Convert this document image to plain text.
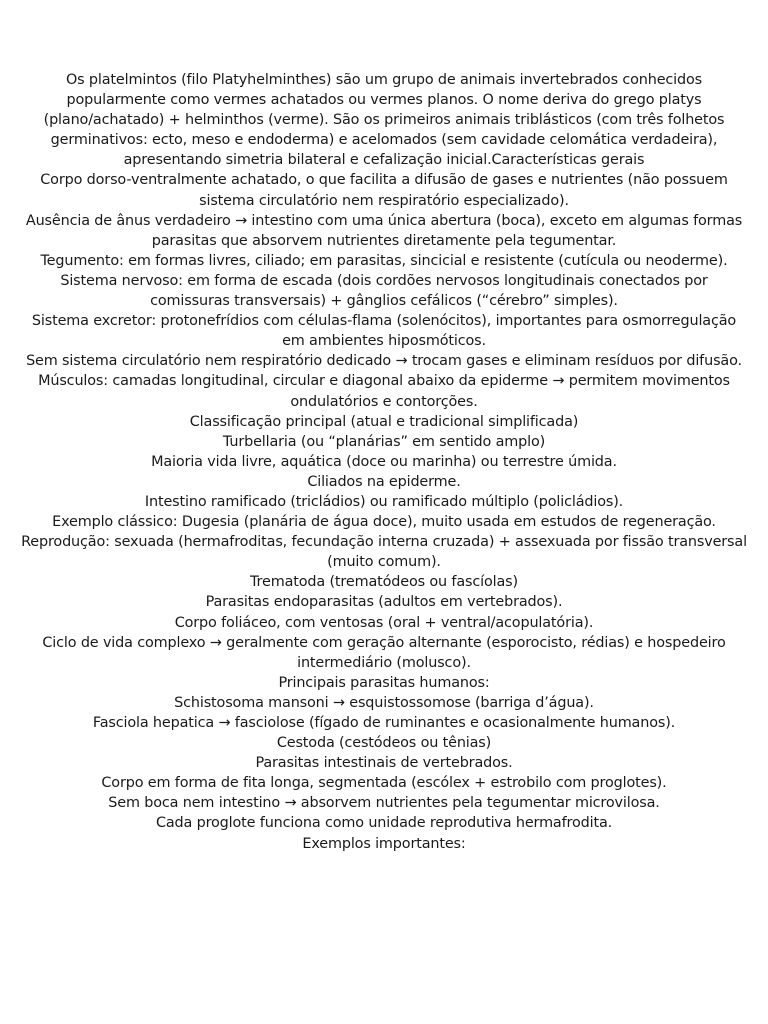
Os platelmintos (filo Platyhelminthes) são um grupo de animais invertebrados conhecidos popularmente como vermes achatados ou vermes planos. O nome deriva do grego platys (plano/achatado) + helminthos (verme). São os primeiros animais triblásticos (com três folhetos germinativos: ecto, meso e endoderma) e acelomados (sem cavidade celomática verdadeira), apresentando simetria bilateral e cefalização inicial.Características gerais

Corpo dorso-ventralmente achatado, o que facilita a difusão de gases e nutrientes (não possuem sistema circulatório nem respiratório especializado).

Ausência de ânus verdadeiro → intestino com uma única abertura (boca), exceto em algumas formas parasitas que absorvem nutrientes diretamente pela tegumentar.

Tegumento: em formas livres, ciliado; em parasitas, sincicial e resistente (cutícula ou neoderme).

Sistema nervoso: em forma de escada (dois cordões nervosos longitudinais conectados por comissuras transversais) + gânglios cefálicos (“cérebro” simples).

Sistema excretor: protonefrídios com células-flama (solenócitos), importantes para osmorregulação em ambientes hiposmóticos.

Sem sistema circulatório nem respiratório dedicado → trocam gases e eliminam resíduos por difusão.

Músculos: camadas longitudinal, circular e diagonal abaixo da epiderme → permitem movimentos ondulatórios e contorções.

Classificação principal (atual e tradicional simplificada)

Turbellaria (ou “planárias” em sentido amplo)

Maioria vida livre, aquática (doce ou marinha) ou terrestre úmida.

Ciliados na epiderme.

Intestino ramificado (tricládios) ou ramificado múltiplo (policládios).

Exemplo clássico: Dugesia (planária de água doce), muito usada em estudos de regeneração.

Reprodução: sexuada (hermafroditas, fecundação interna cruzada) + assexuada por fissão transversal (muito comum).

Trematoda (trematódeos ou fascíolas)

Parasitas endoparasitas (adultos em vertebrados).

Corpo foliáceo, com ventosas (oral + ventral/acopulatória).

Ciclo de vida complexo → geralmente com geração alternante (esporocisto, rédias) e hospedeiro intermediário (molusco).

Principais parasitas humanos:

Schistosoma mansoni → esquistossomose (barriga d’água).

Fasciola hepatica → fasciolose (fígado de ruminantes e ocasionalmente humanos).

Cestoda (cestódeos ou tênias)

Parasitas intestinais de vertebrados.

Corpo em forma de fita longa, segmentada (escólex + estrobilo com proglotes).

Sem boca nem intestino → absorvem nutrientes pela tegumentar microvilosa.

Cada proglote funciona como unidade reprodutiva hermafrodita.

Exemplos importantes:
